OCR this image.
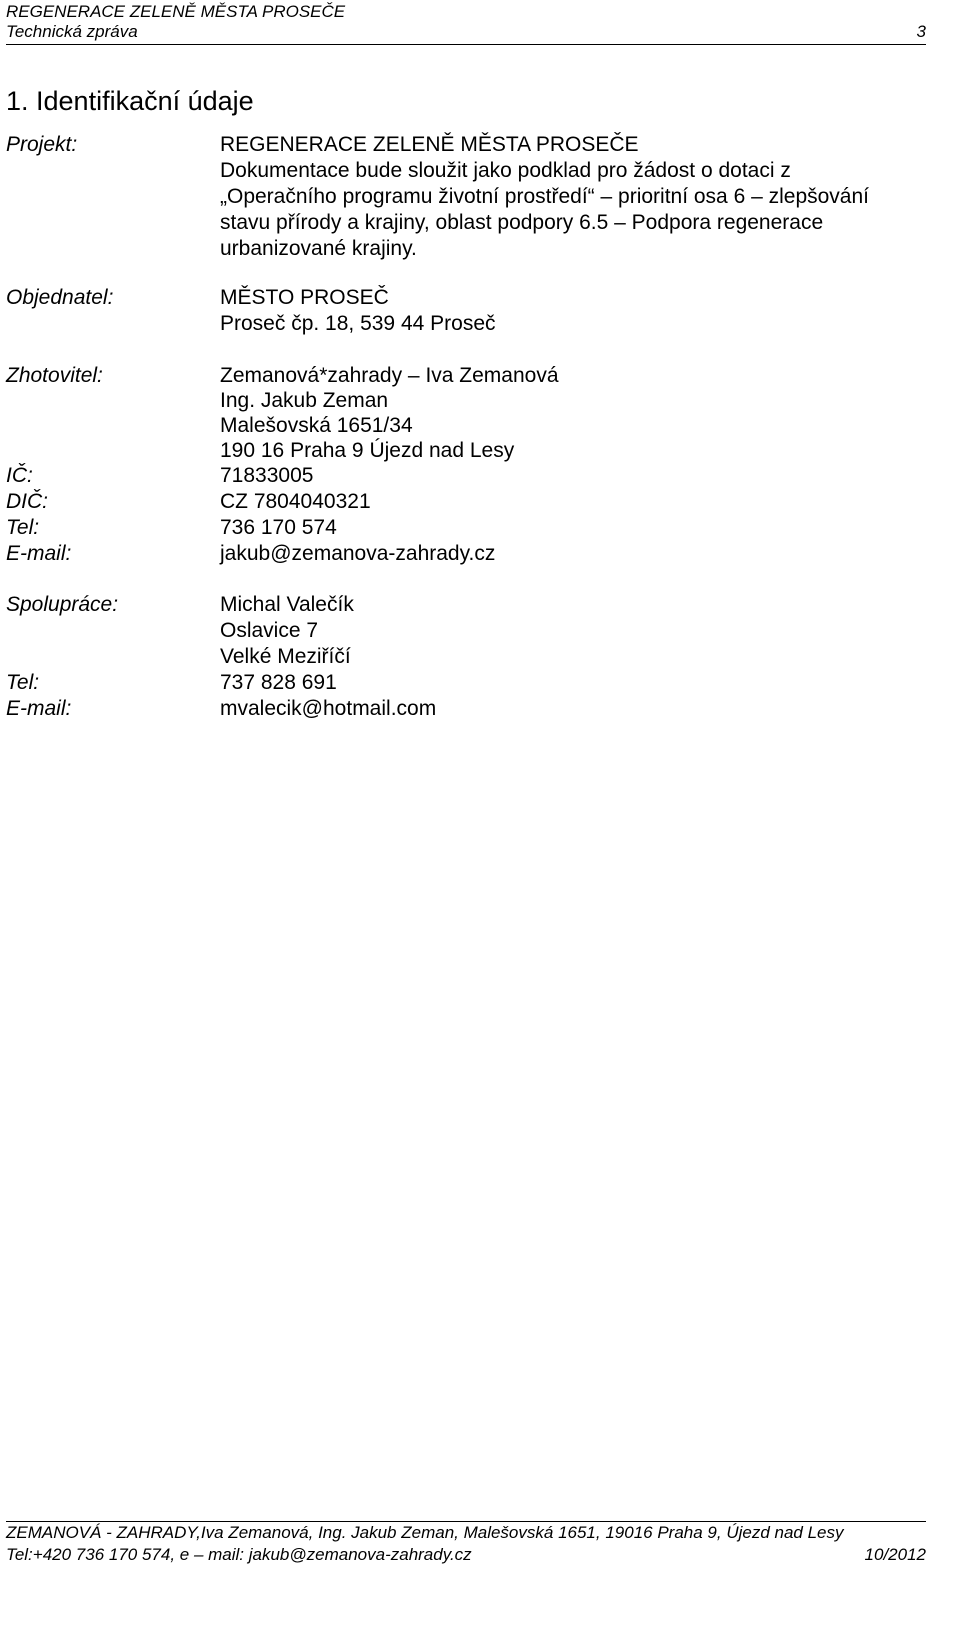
REGENERACE ZELENĚ MĚSTA PROSEČE
Technická zpráva	3
1. Identifikační údaje
Projekt:	REGENERACE ZELENĚ MĚSTA PROSEČE
Dokumentace bude sloužit jako podklad pro žádost o dotaci z
„Operačního programu životní prostředí“ – prioritní osa 6 – zlepšování
stavu přírody a krajiny, oblast podpory 6.5 – Podpora regenerace
urbanizované krajiny.
Objednatel:	MĚSTO PROSEČ
Proseč čp. 18, 539 44 Proseč
Zhotovitel:	Zemanová*zahrady – Iva Zemanová
Ing. Jakub Zeman
Malešovská 1651/34
190 16 Praha 9 Újezd nad Lesy
IČ:	71833005
DIČ:	CZ 7804040321
Tel:	736 170 574
E-mail:	jakub@zemanova-zahrady.cz
Spolupráce:	Michal Valečík
Oslavice 7
Velké Meziříčí
Tel:	737 828 691
E-mail:	mvalecik@hotmail.com
ZEMANOVÁ - ZAHRADY,Iva Zemanová, Ing. Jakub Zeman, Malešovská 1651, 19016 Praha 9, Újezd nad Lesy
Tel:+420 736 170 574, e – mail: jakub@zemanova-zahrady.cz	10/2012
